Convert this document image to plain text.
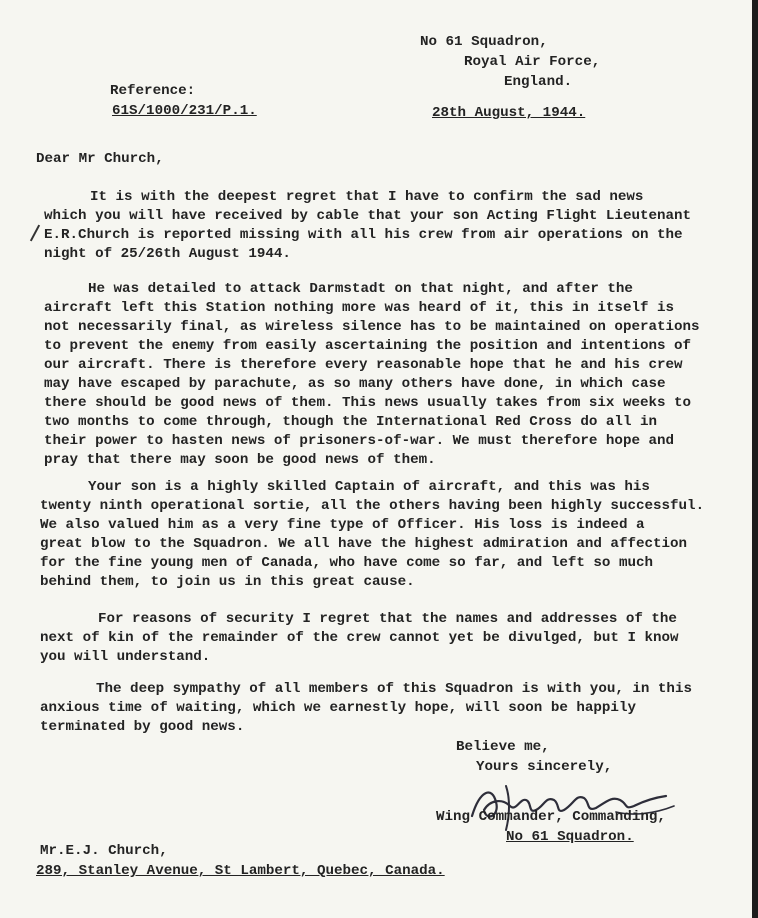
No 61 Squadron,
Royal Air Force,
England.

Reference:

61S/1000/231/P.1.	28th August, 1944.

Dear Mr Church,

It is with the deepest regret that I have to confirm the sad news
which you will have received by cable that your son Acting Flight Lieutenant
E.R.Church is reported missing with all his crew from air operations on the
night of 25/26th August 1944.
He was detailed to attack Darmstadt on that night, and after the
aircraft left this Station nothing more was heard of it, this in itself is
not necessarily final, as wireless silence has to be maintained on operations
to prevent the enemy from easily ascertaining the position and intentions of
our aircraft. There is therefore every reasonable hope that he and his crew
may have escaped by parachute, as so many others have done, in which case
there should be good news of them. This news usually takes from six weeks to
two months to come through, though the International Red Cross do all in
their power to hasten news of prisoners-of-war. We must therefore hope and
pray that there may soon be good news of them.
Your son is a highly skilled Captain of aircraft, and this was his
twenty ninth operational sortie, all the others having been highly successful.
We also valued him as a very fine type of Officer. His loss is indeed a
great blow to the Squadron. We all have the highest admiration and affection
for the fine young men of Canada, who have come so far, and left so much
behind them, to join us in this great cause.
For reasons of security I regret that the names and addresses of the
next of kin of the remainder of the crew cannot yet be divulged, but I know
you will understand.
The deep sympathy of all members of this Squadron is with you, in this
anxious time of waiting, which we earnestly hope, will soon be happily
terminated by good news.

Believe me,

Yours sincerely,

Wing Commander, Commanding,

No 61 Squadron.

Mr.E.J. Church,

289, Stanley Avenue, St Lambert, Quebec, Canada.
